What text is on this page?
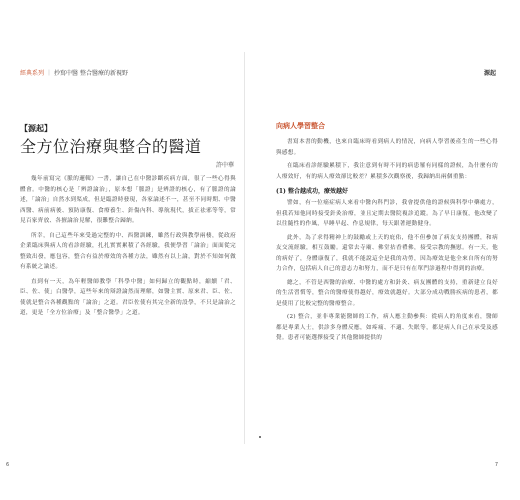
經典系列 ｜ 抄寫中醫 整合醫療的新視野
【源起】
全方位治療與整合的醫道
許中華

幾年前寫完《脈的邏輯》一書，讓自己在中醫診斷疾病方面，很了一些心得與體會。中醫的核心是「辨證論治」，原本想「脈證」是辨證的核心，有了脈證的論述，「論治」自然水到渠成，但是臨證時發現，各家論述不一，甚至不同時期、中醫西醫、病前病後、預防康復、食療養生、針傷內科、導航現代，拔正祛邪等等，常見百家齊放、各擅論治見解，很難整合歸納。

所幸，自己這些年來受過完整的中、西醫訓練，雖然行政與教學兩棲，從政府企業臨床與病人的看診經驗，扎扎實實累積了各經驗，我便學習「論治」面面從完整致出發，應包容，整合有益於療效的各種方法，雖然有以上論，對於不知如何做有系統之論述。

直到有一天，為年輕醫師教學「科學中醫」如何歸立的觀點時，縮續「君、臣、佐、使」白醫學，這些年來的辯證論然而理解，如醫主實、原來君、臣、佐、使就是整合各種觀點的「論治」之道。君臣佐使有其完全新的設學，不只是論治之道，更是「全方位治療」及「整合醫學」之道。

6
源起
向病人學習整合

書寫本書的動機，也來自臨床時看到病人的情況，向病人學習後產生的一些心得與感想。

在臨床看診經驗累積下，我注意到有時不同的病患罹有同樣的證候，為什麼有的人療效好，有的病人療效卻比較差？累積多次觀察後，我歸納出兩個重點：

(1) 整合越成功，療效越好

譬如，有一位癌症病人來看中醫內科門診，我會提供他的證候與科學中藥處方，但我若知他同時接受針灸治療，並且定期去醫院複診追蹤。為了早日康復，他改變了以往隨性的作風，早睡早起、作息規律，每天跟著運動健身。

此外，為了求得精神上的鼓勵或上天的庇佑，他不但參加了病友支持團體，和病友交流經驗，相互鼓勵。還常去寺廟、佛堂拈香禮佛，接受宗教的撫慰。有一天，他的病好了，身體康復了，我就不能說這全是我的功勞，因為療效是他全來自所有的努力合作，包括病人自己的意志力和努力，而不是只有在單門診過程中得到的治療。

總之，不管是西醫的治療、中醫的處方和針灸、病友團體的支持，重新建立良好的生活習慣等，整合的醫療使得越好，療效就越好。大部分成功戰勝疾病的患者，都是使用了比較完整的醫療整合。

(2) 整合，並非專業能醫師的工作，病人應主動參與：從病人的角度來看，醫師都是專業人士，供診多身體反應，如疼痛、不適、失眠等，都是病人自己在承受及感覺。患者可能選擇接受了其他醫師提供的

7
